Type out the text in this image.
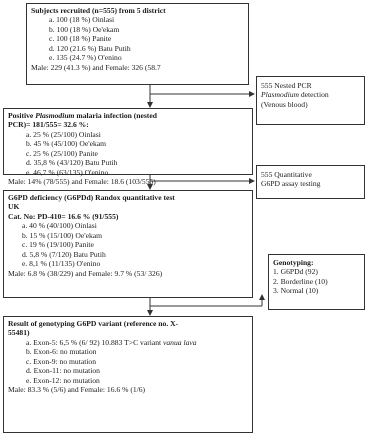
Subjects recruited (n=555) from 5 district
a. 100 (18 %) Oinlasi
b. 100 (18 %) Oe'ekam
c. 100 (18 %) Panite
d. 120 (21.6 %) Batu Putih
e. 135 (24.7 %) O'enino
Male: 229 (41.3 %) and Female: 326 (58.7
555 Nested PCR
Plasmodium detection
(Venous blood)
Positive Plasmodium malaria infection (nested
PCR)= 181/555= 32.6 %:
a. 25 % (25/100) Oinlasi
b. 45 % (45/100) Oe'ekam
c. 25 % (25/100) Panite
d. 35,8 % (43/120) Batu Putih
e. 46,7 % (63/135) O'enino
Male: 14% (78/555) and Female: 18.6 (103/555)
555 Quantitative
G6PD assay testing
G6PD deficiency (G6PDd) Randox quantitative test
UK
Cat. No: PD-410= 16.6 % (91/555)
a. 40 % (40/100) Oinlasi
b. 15 % (15/100) Oe'ekam
c. 19 % (19/100) Panite
d. 5,8 % (7/120) Batu Putih
e. 8,1 % (11/135) O'enino
Male: 6.8 % (38/229) and Female: 9.7 % (53/ 326)
Genotyping:
1. G6PDd (92)
2. Borderline (10)
3. Normal (10)
Result of genotyping G6PD variant (reference no. X-
55481)
a. Exon-5: 6,5 % (6/ 92) 10.883 T>C variant vanua lava
b. Exon-6: no mutation
c. Exon-9: no mutation
d. Exon-11: no mutation
e. Exon-12: no mutation
Male: 83.3 % (5/6) and Female: 16.6 % (1/6)
